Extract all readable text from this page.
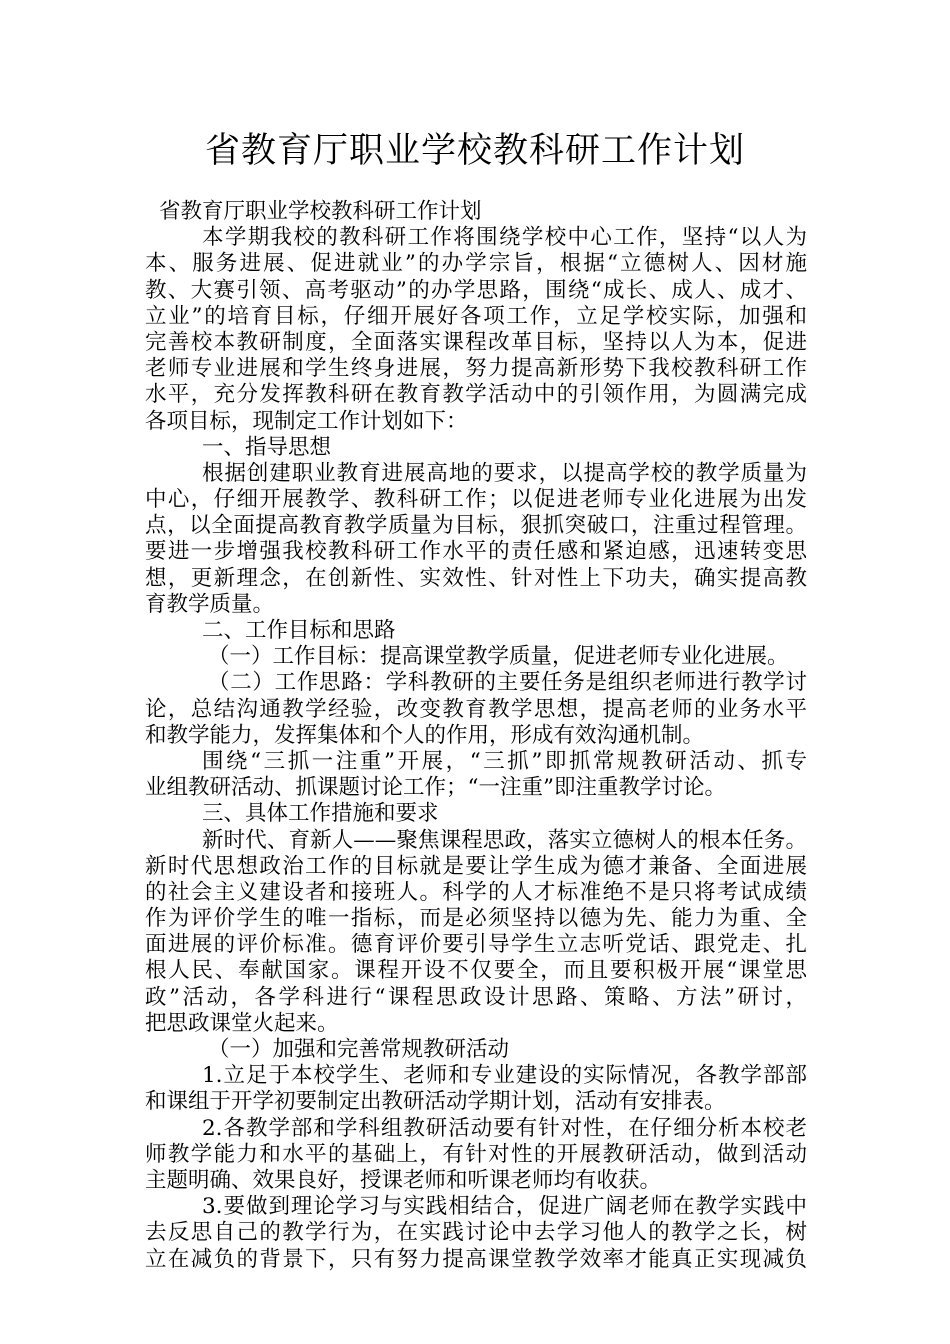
省教育厅职业学校教科研工作计划
省教育厅职业学校教科研工作计划
本学期我校的教科研工作将围绕学校中心工作，坚持“以人为
本、服务进展、促进就业”的办学宗旨，根据“立德树人、因材施
教、大赛引领、高考驱动”的办学思路，围绕“成长、成人、成才、
立业”的培育目标，仔细开展好各项工作，立足学校实际，加强和
完善校本教研制度，全面落实课程改革目标，坚持以人为本，促进
老师专业进展和学生终身进展，努力提高新形势下我校教科研工作
水平，充分发挥教科研在教育教学活动中的引领作用，为圆满完成
各项目标，现制定工作计划如下：
一、指导思想
根据创建职业教育进展高地的要求，以提高学校的教学质量为
中心，仔细开展教学、教科研工作；以促进老师专业化进展为出发
点，以全面提高教育教学质量为目标，狠抓突破口，注重过程管理。
要进一步增强我校教科研工作水平的责任感和紧迫感，迅速转变思
想，更新理念，在创新性、实效性、针对性上下功夫，确实提高教
育教学质量。
二、工作目标和思路
（一）工作目标：提高课堂教学质量，促进老师专业化进展。
（二）工作思路：学科教研的主要任务是组织老师进行教学讨
论，总结沟通教学经验，改变教育教学思想，提高老师的业务水平
和教学能力，发挥集体和个人的作用，形成有效沟通机制。
围绕“三抓一注重”开展，“三抓”即抓常规教研活动、抓专
业组教研活动、抓课题讨论工作；“一注重”即注重教学讨论。
三、具体工作措施和要求
新时代、育新人——聚焦课程思政，落实立德树人的根本任务。
新时代思想政治工作的目标就是要让学生成为德才兼备、全面进展
的社会主义建设者和接班人。科学的人才标准绝不是只将考试成绩
作为评价学生的唯一指标，而是必须坚持以德为先、能力为重、全
面进展的评价标准。德育评价要引导学生立志听党话、跟党走、扎
根人民、奉献国家。课程开设不仅要全，而且要积极开展“课堂思
政”活动，各学科进行“课程思政设计思路、策略、方法”研讨，
把思政课堂火起来。
（一）加强和完善常规教研活动
1.立足于本校学生、老师和专业建设的实际情况，各教学部部
和课组于开学初要制定出教研活动学期计划，活动有安排表。
2.各教学部和学科组教研活动要有针对性，在仔细分析本校老
师教学能力和水平的基础上，有针对性的开展教研活动，做到活动
主题明确、效果良好，授课老师和听课老师均有收获。
3.要做到理论学习与实践相结合，促进广阔老师在教学实践中
去反思自己的教学行为，在实践讨论中去学习他人的教学之长，树
立在减负的背景下，只有努力提高课堂教学效率才能真正实现减负
